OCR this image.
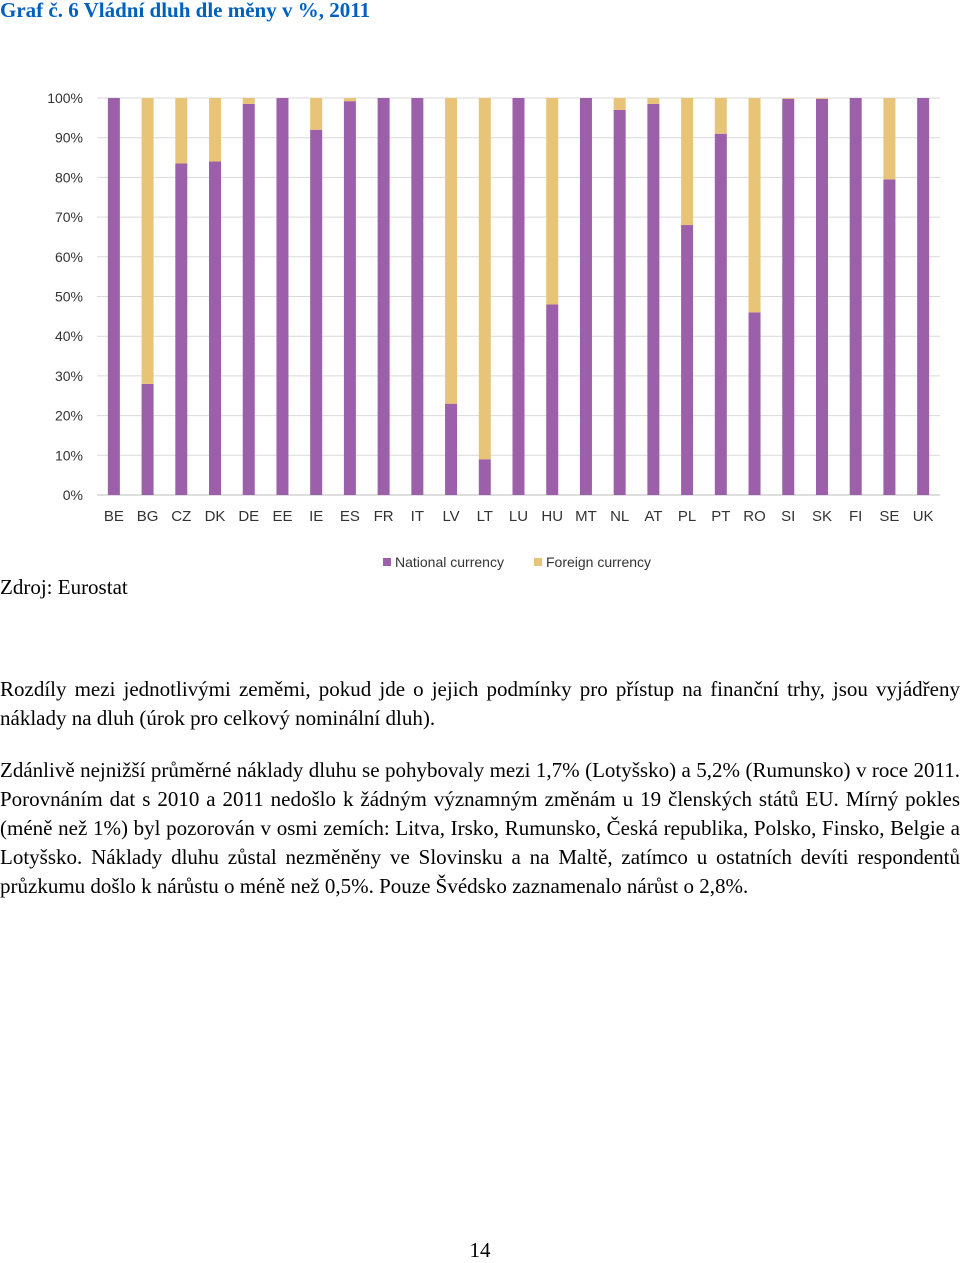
Graf č. 6 Vládní dluh dle měny v %, 2011
0%
10%
20%
30%
40%
50%
60%
70%
80%
90%
100%
BE BG CZ DK DE EE IE ES FR IT LV LT LU HU MT NL AT PL PT RO SI SK FI SE UK
National currency	Foreign currency
Zdroj: Eurostat

Rozdíly mezi jednotlivými zeměmi, pokud jde o jejich podmínky pro přístup na finanční trhy, jsou vyjádřeny náklady na dluh (úrok pro celkový nominální dluh).

Zdánlivě nejnižší průměrné náklady dluhu se pohybovaly mezi 1,7% (Lotyšsko) a 5,2% (Rumunsko) v roce 2011. Porovnáním dat s 2010 a 2011 nedošlo k žádným významným změnám u 19 členských států EU. Mírný pokles (méně než 1%) byl pozorován v osmi zemích: Litva, Irsko, Rumunsko, Česká republika, Polsko, Finsko, Belgie a Lotyšsko. Náklady dluhu zůstal nezměněny ve Slovinsku a na Maltě, zatímco u ostatních devíti respondentů průzkumu došlo k nárůstu o méně než 0,5%. Pouze Švédsko zaznamenalo nárůst o 2,8%.

14
